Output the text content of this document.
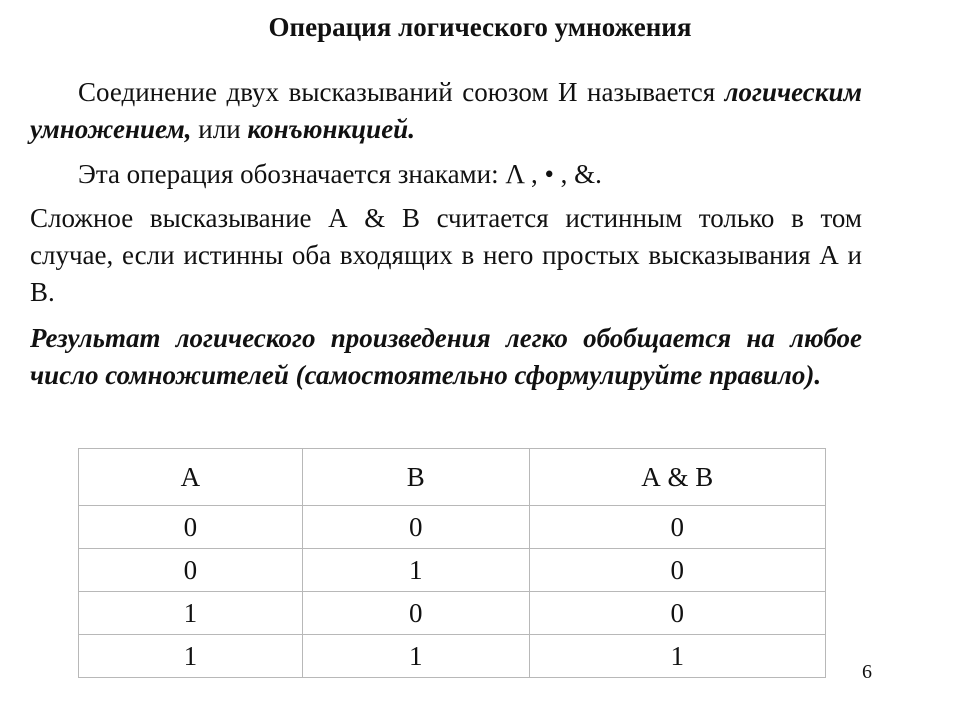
Операция логического умножения
Соединение двух высказываний союзом И называется логическим умножением, или конъюнкцией.
Эта операция обозначается знаками: Λ , • , &.
Сложное высказывание А & В считается истинным только в том случае, если истинны оба входящих в него простых высказывания А и В.
Результат логического произведения легко обобщается на любое число сомножителей (самостоятельно сформулируйте правило).
А	В	А & В
0	0	0
0	1	0
1	0	0
1	1	1
6
